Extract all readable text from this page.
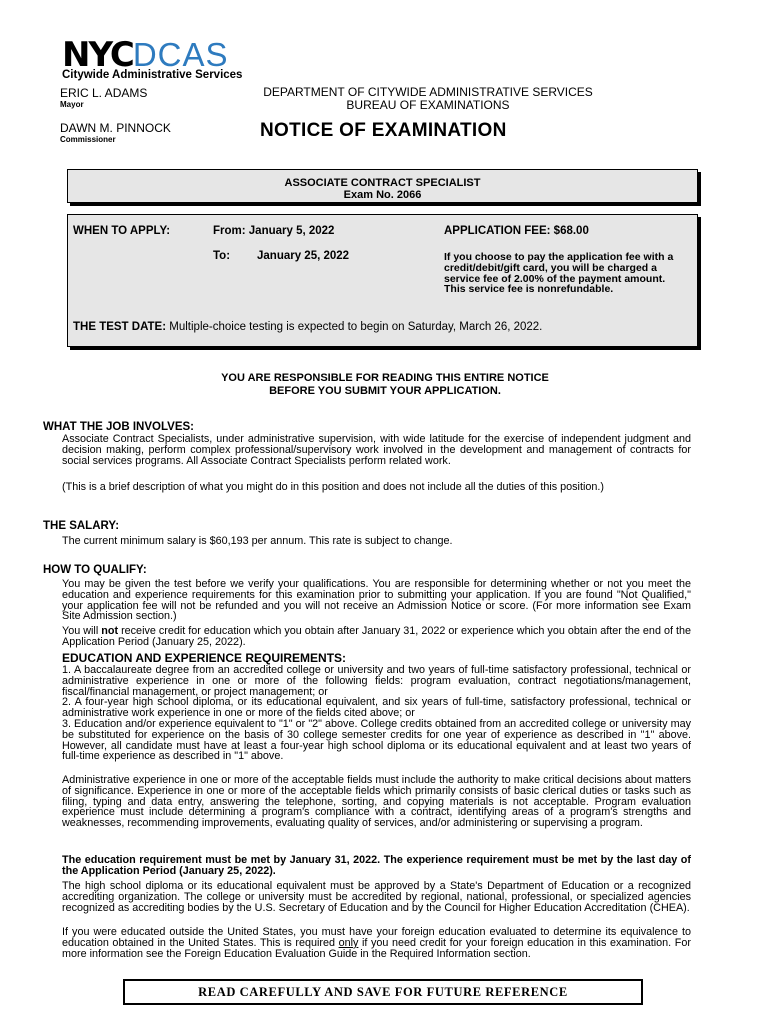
NYCDCAS
Citywide Administrative Services
ERIC L. ADAMS
Mayor
DAWN M. PINNOCK
Commissioner
DEPARTMENT OF CITYWIDE ADMINISTRATIVE SERVICES
BUREAU OF EXAMINATIONS
NOTICE OF EXAMINATION
ASSOCIATE CONTRACT SPECIALIST
Exam No. 2066
WHEN TO APPLY:	From: January 5, 2022
To: January 25, 2022
APPLICATION FEE: $68.00
If you choose to pay the application fee with a credit/debit/gift card, you will be charged a service fee of 2.00% of the payment amount. This service fee is nonrefundable.
THE TEST DATE: Multiple-choice testing is expected to begin on Saturday, March 26, 2022.
YOU ARE RESPONSIBLE FOR READING THIS ENTIRE NOTICE
BEFORE YOU SUBMIT YOUR APPLICATION.
WHAT THE JOB INVOLVES:
Associate Contract Specialists, under administrative supervision, with wide latitude for the exercise of independent judgment and decision making, perform complex professional/supervisory work involved in the development and management of contracts for social services programs. All Associate Contract Specialists perform related work.
(This is a brief description of what you might do in this position and does not include all the duties of this position.)
THE SALARY:
The current minimum salary is $60,193 per annum. This rate is subject to change.
HOW TO QUALIFY:
You may be given the test before we verify your qualifications. You are responsible for determining whether or not you meet the education and experience requirements for this examination prior to submitting your application. If you are found "Not Qualified," your application fee will not be refunded and you will not receive an Admission Notice or score. (For more information see Exam Site Admission section.)
You will not receive credit for education which you obtain after January 31, 2022 or experience which you obtain after the end of the Application Period (January 25, 2022).
EDUCATION AND EXPERIENCE REQUIREMENTS:
1. A baccalaureate degree from an accredited college or university and two years of full-time satisfactory professional, technical or administrative experience in one or more of the following fields: program evaluation, contract negotiations/management, fiscal/financial management, or project management; or
2. A four-year high school diploma, or its educational equivalent, and six years of full-time, satisfactory professional, technical or administrative work experience in one or more of the fields cited above; or
3. Education and/or experience equivalent to "1" or "2" above. College credits obtained from an accredited college or university may be substituted for experience on the basis of 30 college semester credits for one year of experience as described in "1" above. However, all candidate must have at least a four-year high school diploma or its educational equivalent and at least two years of full-time experience as described in "1" above.
Administrative experience in one or more of the acceptable fields must include the authority to make critical decisions about matters of significance. Experience in one or more of the acceptable fields which primarily consists of basic clerical duties or tasks such as filing, typing and data entry, answering the telephone, sorting, and copying materials is not acceptable. Program evaluation experience must include determining a program's compliance with a contract, identifying areas of a program's strengths and weaknesses, recommending improvements, evaluating quality of services, and/or administering or supervising a program.
The education requirement must be met by January 31, 2022. The experience requirement must be met by the last day of the Application Period (January 25, 2022).
The high school diploma or its educational equivalent must be approved by a State's Department of Education or a recognized accrediting organization. The college or university must be accredited by regional, national, professional, or specialized agencies recognized as accrediting bodies by the U.S. Secretary of Education and by the Council for Higher Education Accreditation (CHEA).
If you were educated outside the United States, you must have your foreign education evaluated to determine its equivalence to education obtained in the United States. This is required only if you need credit for your foreign education in this examination. For more information see the Foreign Education Evaluation Guide in the Required Information section.
READ CAREFULLY AND SAVE FOR FUTURE REFERENCE
